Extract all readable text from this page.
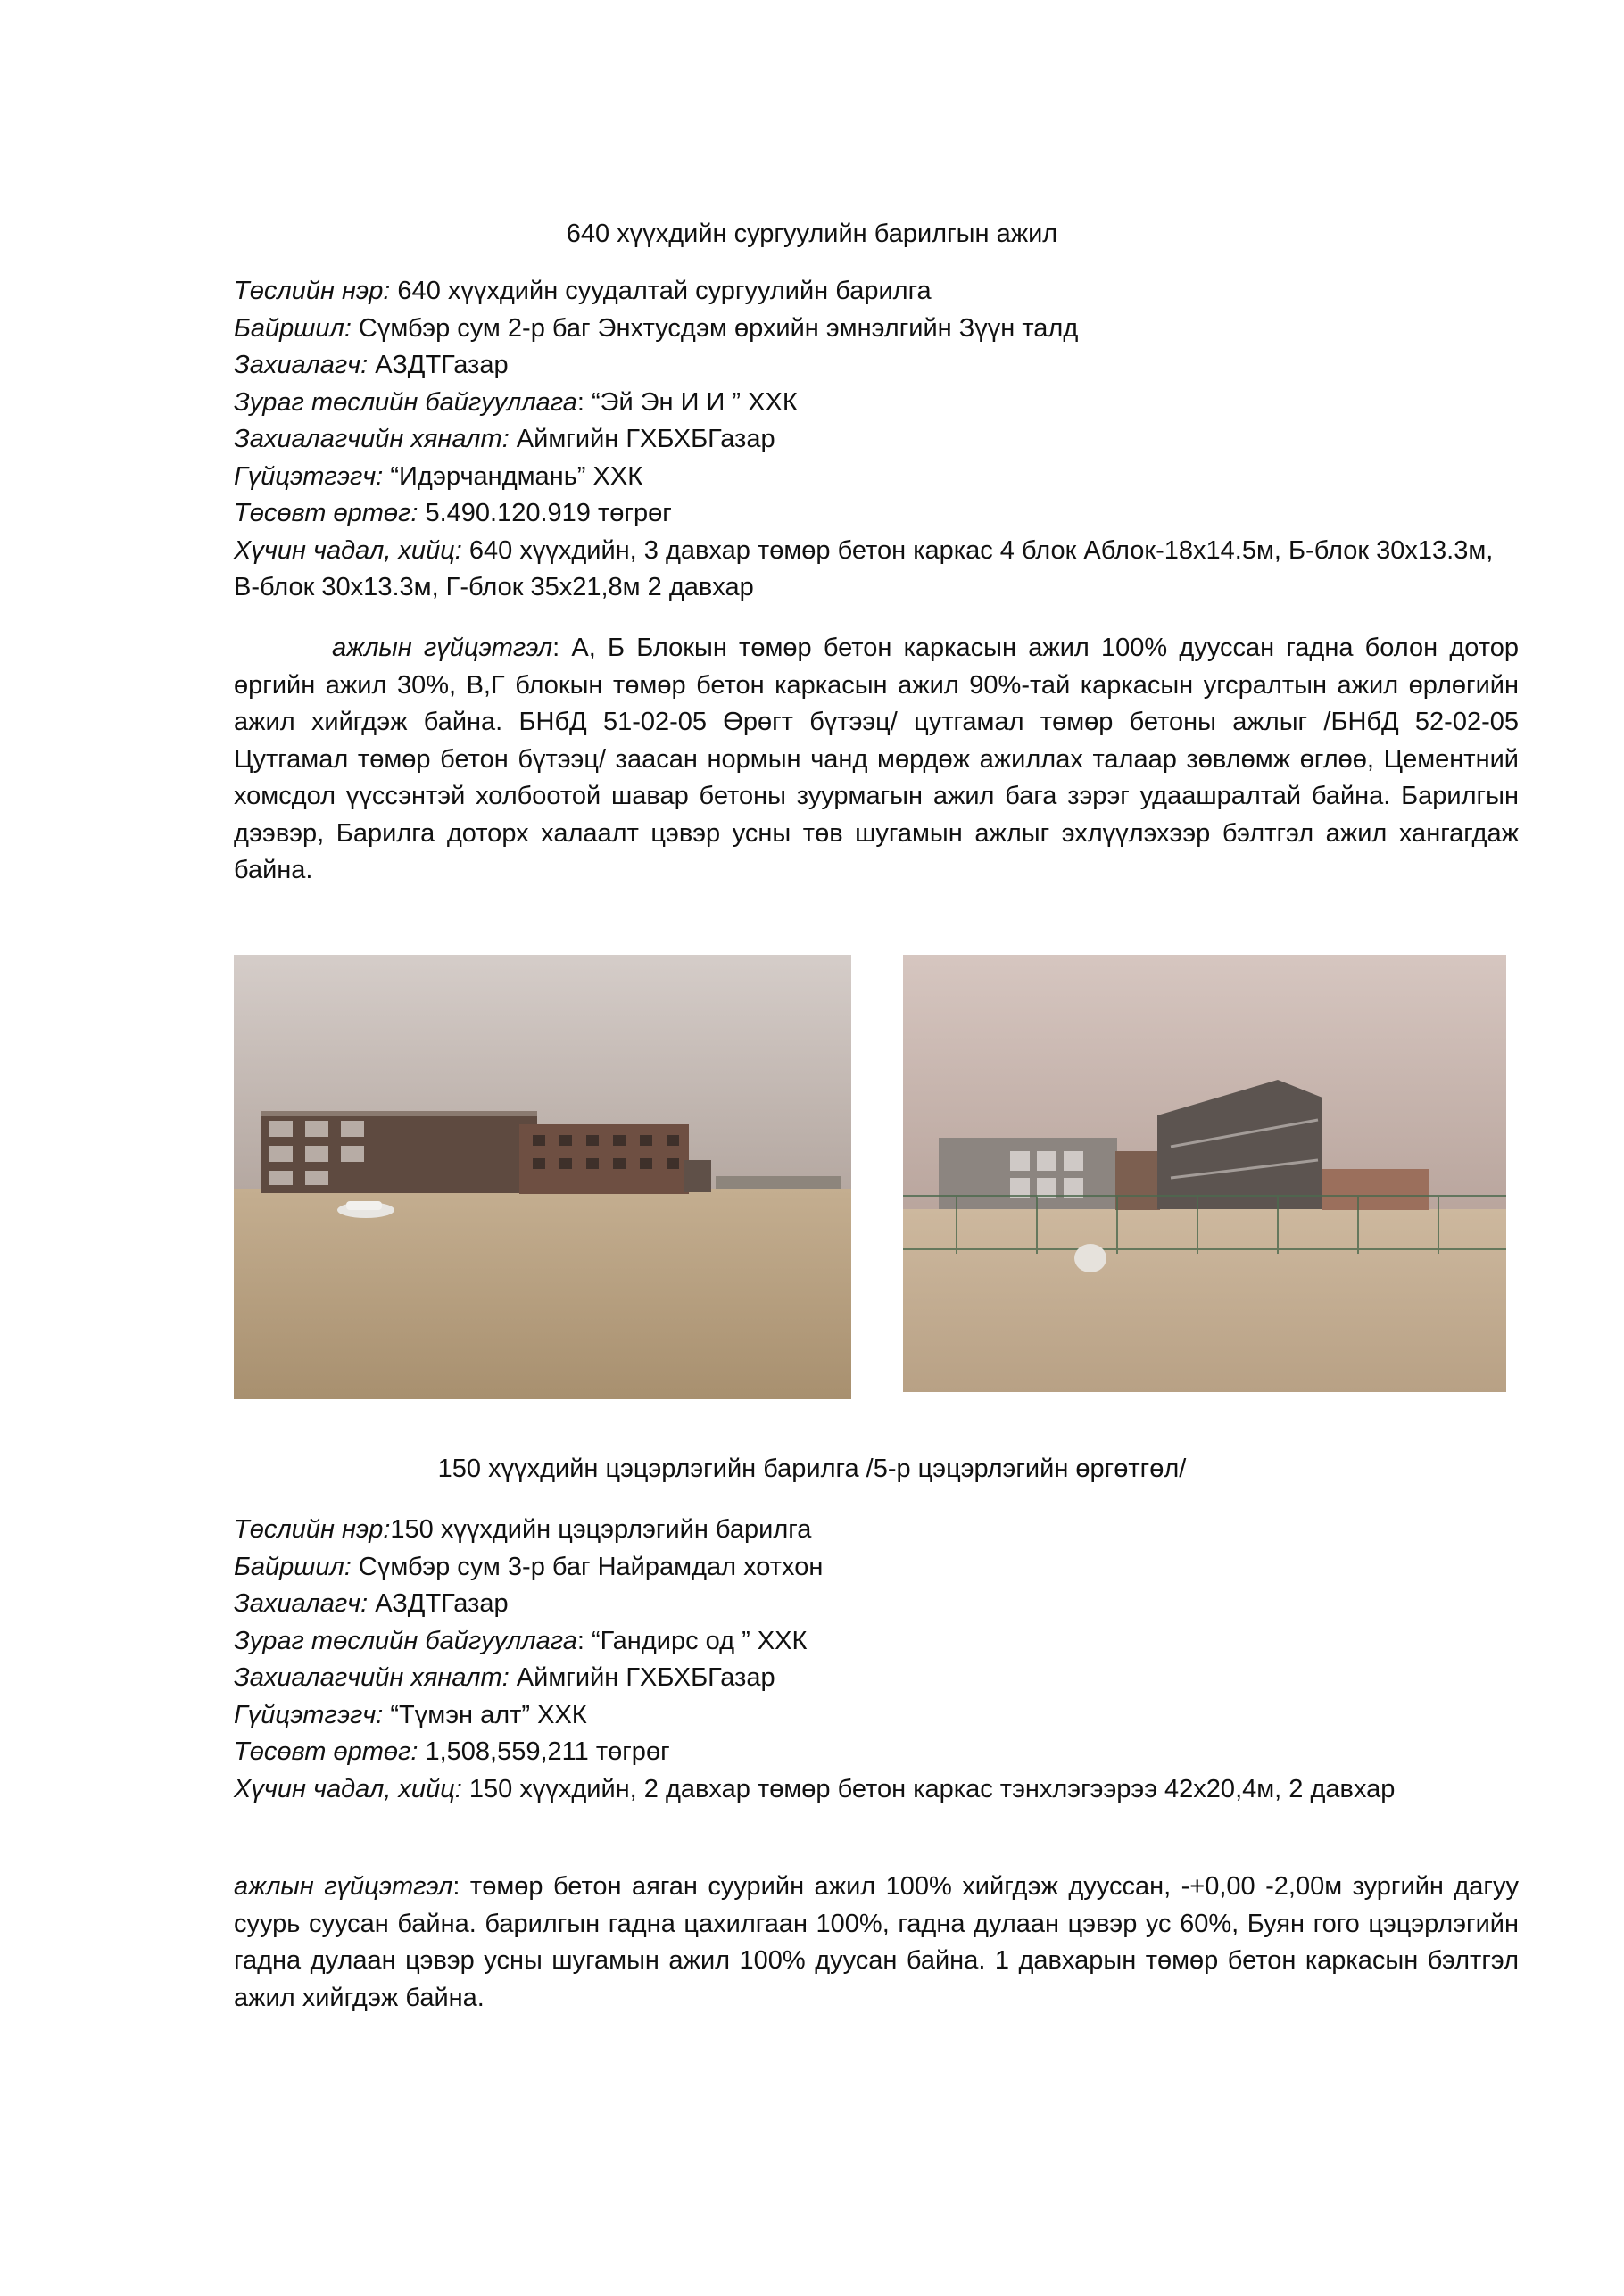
640 хүүхдийн сургуулийн барилгын ажил
Төслийн нэр: 640 хүүхдийн суудалтай сургуулийн барилга
Байршил: Сүмбэр сум 2-р баг Энхтусдэм өрхийн эмнэлгийн Зүүн талд
Захиалагч: АЗДТГазар
Зураг төслийн байгууллага: “Эй Эн И И ” ХХК
Захиалагчийн хяналт: Аймгийн ГХБХБГазар
Гүйцэтгэгч: “Идэрчандмань” ХХК
Төсөвт өртөг: 5.490.120.919 төгрөг
Хүчин чадал, хийц: 640 хүүхдийн, 3 давхар төмөр бетон каркас 4 блок Аблок-18х14.5м, Б-блок 30х13.3м, В-блок 30х13.3м, Г-блок 35х21,8м 2 давхар
ажлын гүйцэтгэл: А, Б Блокын төмөр бетон каркасын ажил 100% дууссан гадна болон дотор өргийн ажил 30%, В,Г блокын төмөр бетон каркасын ажил 90%-тай каркасын угсралтын ажил өрлөгийн ажил хийгдэж байна. БНбД 51-02-05 Өрөгт бүтээц/ цутгамал төмөр бетоны ажлыг /БНбД 52-02-05 Цутгамал төмөр бетон бүтээц/ заасан нормын чанд мөрдөж ажиллах талаар зөвлөмж өглөө, Цементний хомсдол үүссэнтэй холбоотой шавар бетоны зуурмагын ажил бага зэрэг удаашралтай байна. Барилгын дээвэр, Барилга доторх халаалт цэвэр усны төв шугамын ажлыг эхлүүлэхээр бэлтгэл ажил хангагдаж байна.
150 хүүхдийн цэцэрлэгийн барилга /5-р цэцэрлэгийн өргөтгөл/
Төслийн нэр:150 хүүхдийн цэцэрлэгийн барилга
Байршил: Сүмбэр сум 3-р баг Найрамдал хотхон
Захиалагч: АЗДТГазар
Зураг төслийн байгууллага: “Гандирс од ” ХХК
Захиалагчийн хяналт: Аймгийн ГХБХБГазар
Гүйцэтгэгч: “Түмэн алт” ХХК
Төсөвт өртөг: 1,508,559,211 төгрөг
Хүчин чадал, хийц: 150 хүүхдийн, 2 давхар төмөр бетон каркас тэнхлэгээрээ 42х20,4м, 2 давхар
ажлын гүйцэтгэл: төмөр бетон аяган суурийн ажил 100% хийгдэж дууссан, -+0,00 -2,00м зургийн дагуу суурь суусан байна. барилгын гадна цахилгаан 100%, гадна дулаан цэвэр ус 60%, Буян гого цэцэрлэгийн гадна дулаан цэвэр усны шугамын ажил 100% дуусан байна. 1 давхарын төмөр бетон каркасын бэлтгэл ажил хийгдэж байна.
